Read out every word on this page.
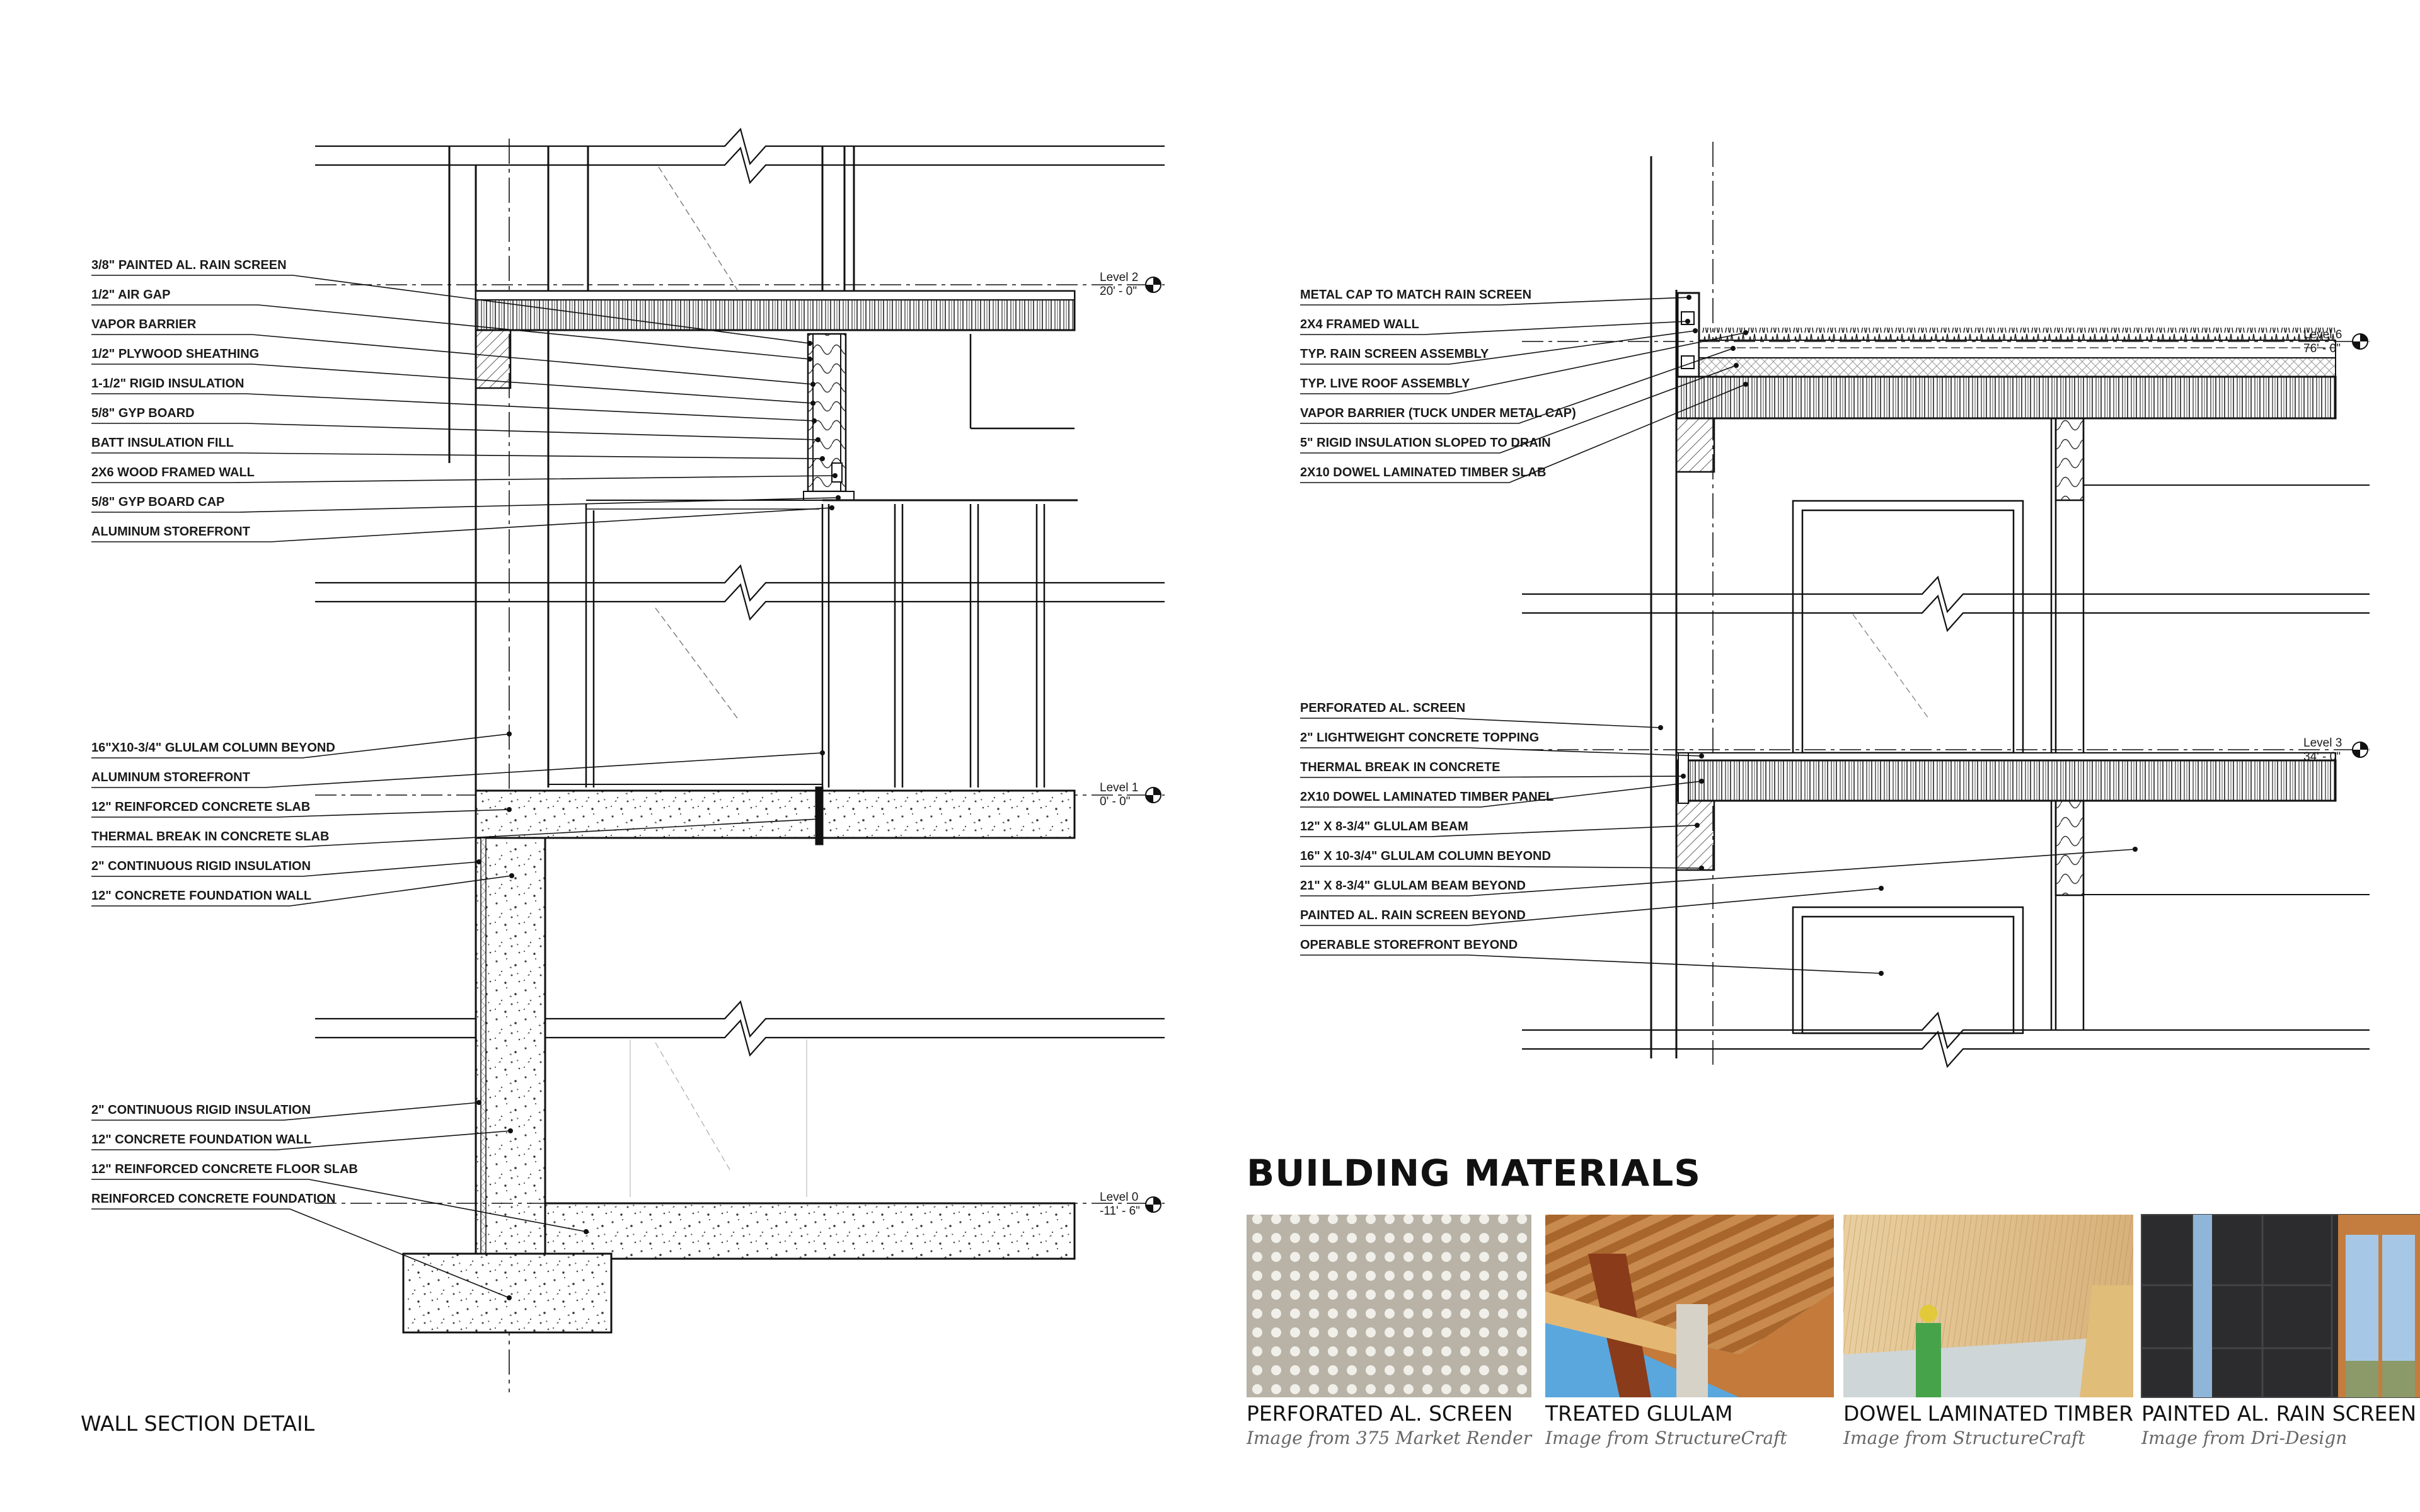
Level 2
20' - 0"
Level 1
0' - 0"
Level 0
-11' - 6"
3/8" PAINTED AL. RAIN SCREEN
1/2" AIR GAP
VAPOR BARRIER
1/2" PLYWOOD SHEATHING
1-1/2" RIGID INSULATION
5/8" GYP BOARD
BATT INSULATION FILL
2X6 WOOD FRAMED WALL
5/8" GYP BOARD CAP
ALUMINUM STOREFRONT
16"X10-3/4" GLULAM COLUMN BEYOND
ALUMINUM STOREFRONT
12" REINFORCED CONCRETE SLAB
THERMAL BREAK IN CONCRETE SLAB
2" CONTINUOUS RIGID INSULATION
12" CONCRETE FOUNDATION WALL
2" CONTINUOUS RIGID INSULATION
12" CONCRETE FOUNDATION WALL
12" REINFORCED CONCRETE FLOOR SLAB
REINFORCED CONCRETE FOUNDATION
Level 6
76' - 0"
Level 3
34' - 0"
METAL CAP TO MATCH RAIN SCREEN
2X4 FRAMED WALL
TYP. RAIN SCREEN ASSEMBLY
TYP. LIVE ROOF ASSEMBLY
VAPOR BARRIER (TUCK UNDER METAL CAP)
5" RIGID INSULATION SLOPED TO DRAIN
2X10 DOWEL LAMINATED TIMBER SLAB
PERFORATED AL. SCREEN
2" LIGHTWEIGHT CONCRETE TOPPING
THERMAL BREAK IN CONCRETE
2X10 DOWEL LAMINATED TIMBER PANEL
12" X 8-3/4" GLULAM BEAM
16" X 10-3/4" GLULAM COLUMN BEYOND
21" X 8-3/4" GLULAM BEAM BEYOND
PAINTED AL. RAIN SCREEN BEYOND
OPERABLE STOREFRONT BEYOND
WALL SECTION DETAIL
BUILDING MATERIALS
PERFORATED AL. SCREEN
Image from 375 Market Render
TREATED GLULAM
Image from StructureCraft
DOWEL LAMINATED TIMBER
Image from StructureCraft
PAINTED AL. RAIN SCREEN
Image from Dri-Design
